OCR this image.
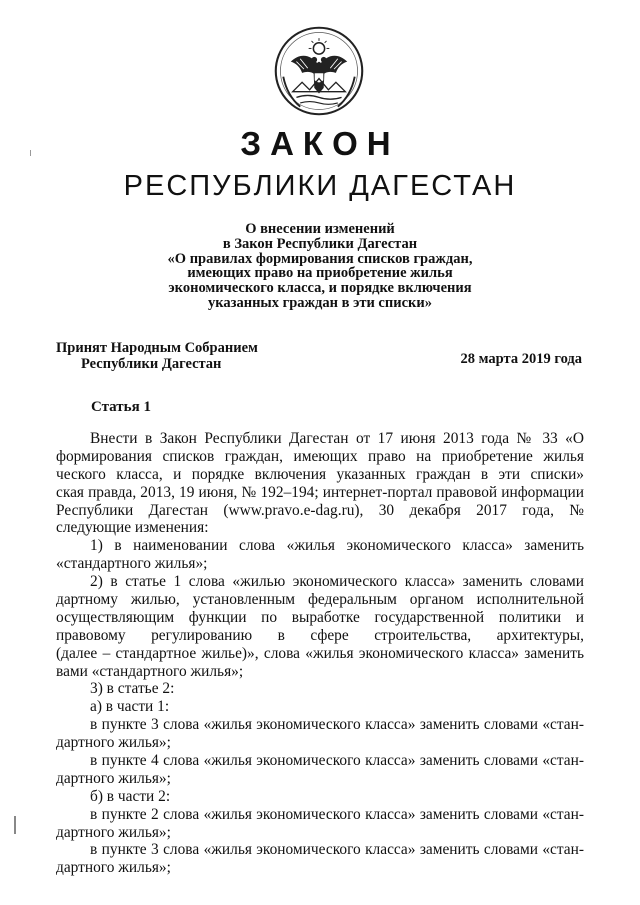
ЗАКОН
РЕСПУБЛИКИ ДАГЕСТАН
О внесении изменений
в Закон Республики Дагестан
«О правилах формирования списков граждан,
имеющих право на приобретение жилья
экономического класса, и порядке включения
указанных граждан в эти списки»
Принят Народным Собранием
Республики Дагестан	28 марта 2019 года
Статья 1
Внести в Закон Республики Дагестан от 17 июня 2013 года № 33 «О
формирования списков граждан, имеющих право на приобретение жилья
ческого класса, и порядке включения указанных граждан в эти списки»
ская правда, 2013, 19 июня, № 192–194; интернет-портал правовой информации
Республики Дагестан (www.pravo.e-dag.ru), 30 декабря 2017 года, №
следующие изменения:
1) в наименовании слова «жилья экономического класса» заменить
«стандартного жилья»;
2) в статье 1 слова «жилью экономического класса» заменить словами
дартному жилью, установленным федеральным органом исполнительной
осуществляющим функции по выработке государственной политики и
правовому регулированию в сфере строительства, архитектуры,
(далее – стандартное жилье)», слова «жилья экономического класса» заменить
вами «стандартного жилья»;
3) в статье 2:
а) в части 1:
в пункте 3 слова «жилья экономического класса» заменить словами «стан-
дартного жилья»;
в пункте 4 слова «жилья экономического класса» заменить словами «стан-
дартного жилья»;
б) в части 2:
в пункте 2 слова «жилья экономического класса» заменить словами «стан-
дартного жилья»;
в пункте 3 слова «жилья экономического класса» заменить словами «стан-
дартного жилья»;
